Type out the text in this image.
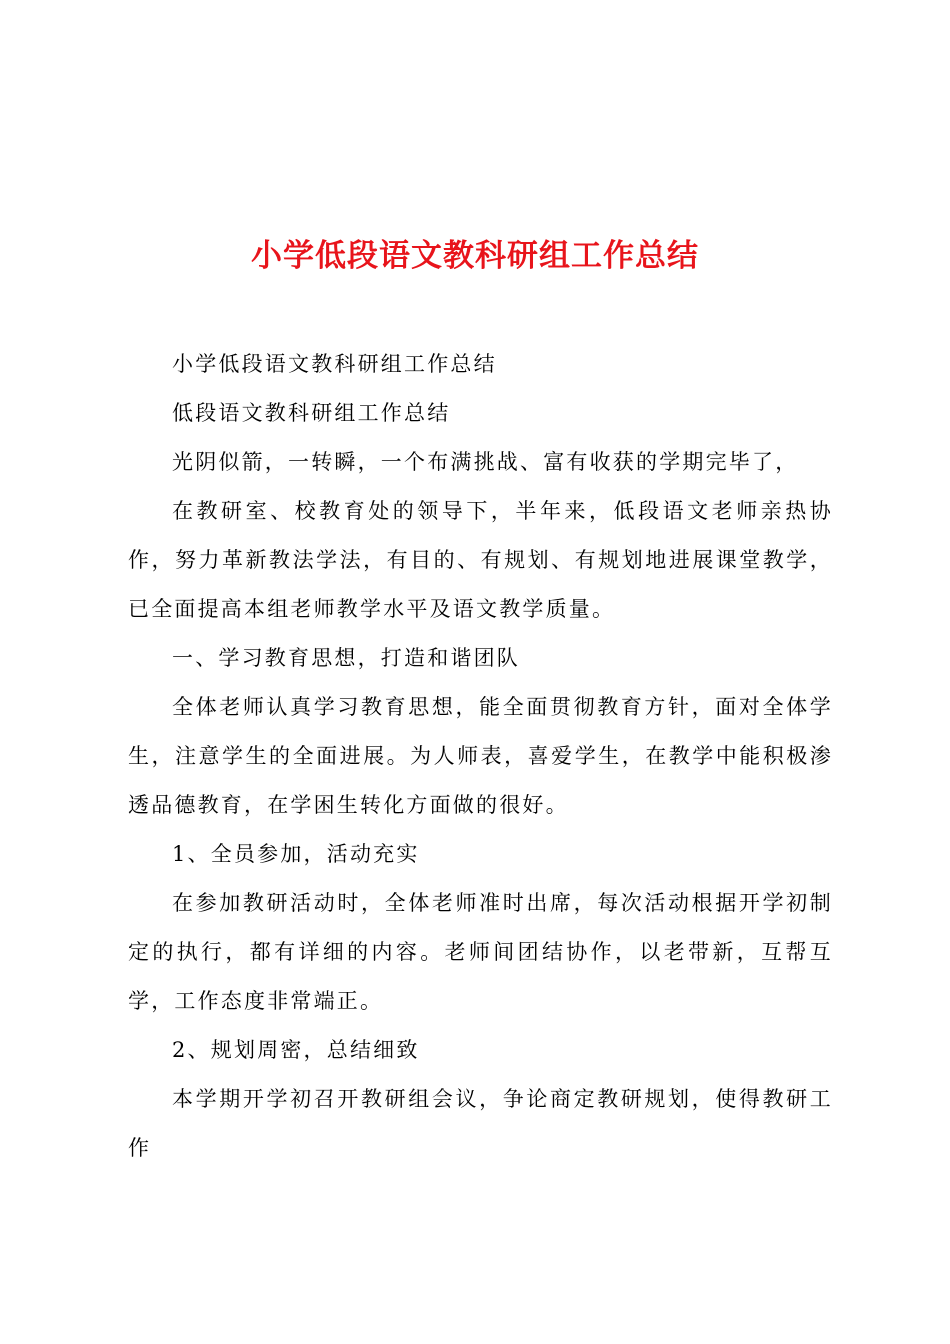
小学低段语文教科研组工作总结

小学低段语文教科研组工作总结

低段语文教科研组工作总结

光阴似箭，一转瞬，一个布满挑战、富有收获的学期完毕了，

在教研室、校教育处的领导下，半年来，低段语文老师亲热协作，努力革新教法学法，有目的、有规划、有规划地进展课堂教学，已全面提高本组老师教学水平及语文教学质量。

一、学习教育思想，打造和谐团队

全体老师认真学习教育思想，能全面贯彻教育方针，面对全体学生，注意学生的全面进展。为人师表，喜爱学生，在教学中能积极渗透品德教育，在学困生转化方面做的很好。

1、全员参加，活动充实

在参加教研活动时，全体老师准时出席，每次活动根据开学初制定的执行，都有详细的内容。老师间团结协作，以老带新，互帮互学，工作态度非常端正。

2、规划周密，总结细致

本学期开学初召开教研组会议，争论商定教研规划，使得教研工作
